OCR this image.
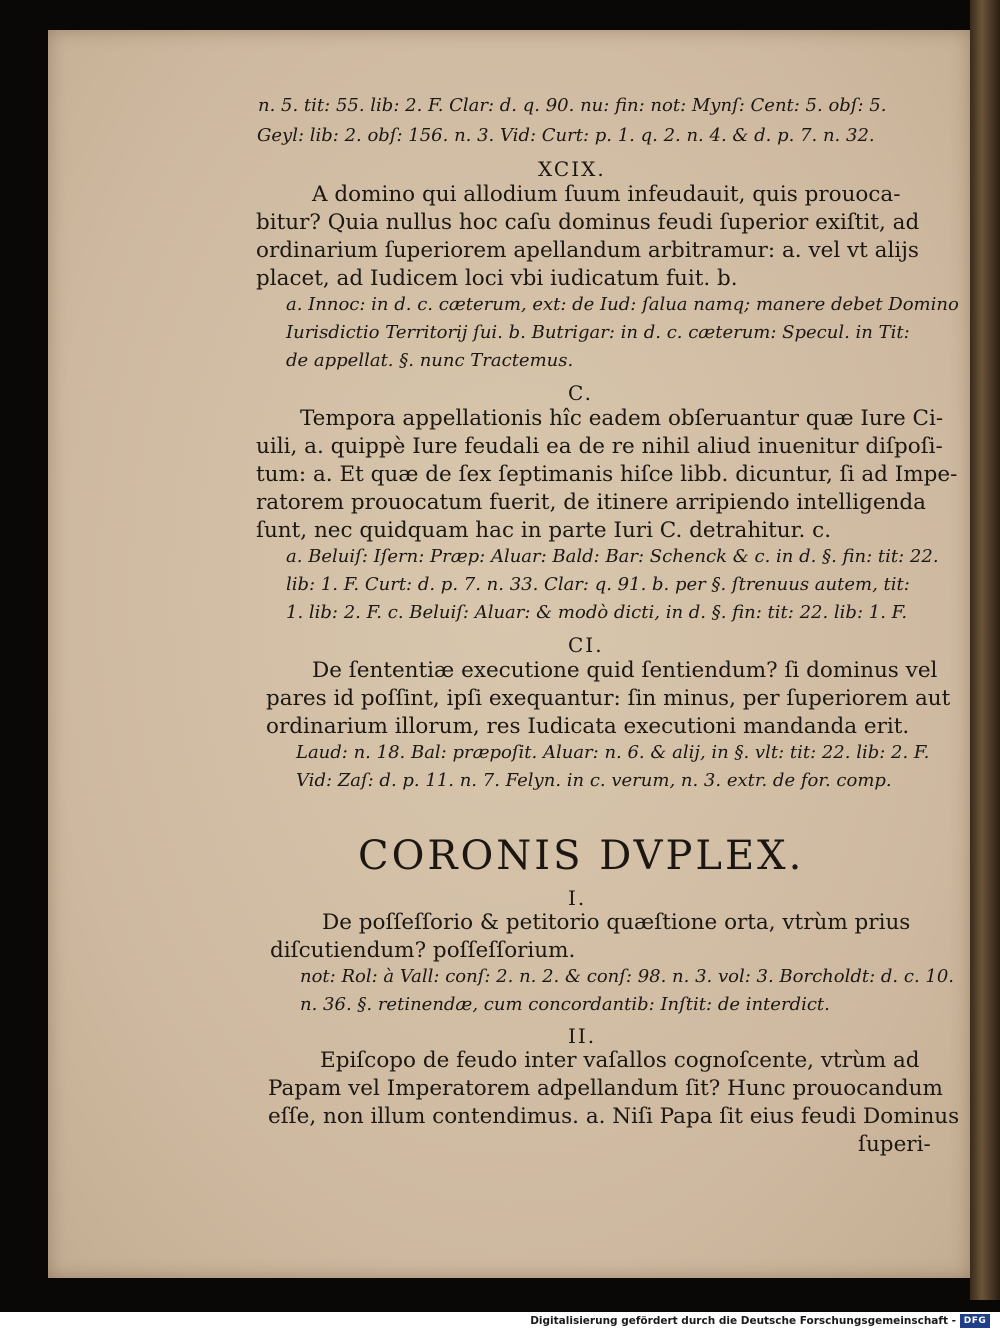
n. 5. tit: 55. lib: 2. F. Clar: d. q. 90. nu: fin: not: Mynſ: Cent: 5. obſ: 5.
Geyl: lib: 2. obſ: 156. n. 3. Vid: Curt: p. 1. q. 2. n. 4. & d. p. 7. n. 32.
XCIX.
A domino qui allodium ſuum infeudauit, quis prouoca-
bitur? Quia nullus hoc caſu dominus feudi ſuperior exiſtit, ad
ordinarium ſuperiorem apellandum arbitramur: a. vel vt alijs
placet, ad Iudicem loci vbi iudicatum fuit. b.
a. Innoc: in d. c. cæterum, ext: de Iud: ſalua namq; manere debet Domino
Iurisdictio Territorij ſui. b. Butrigar: in d. c. cæterum: Specul. in Tit:
de appellat. §. nunc Tractemus.
C.
Tempora appellationis hîc eadem obſeruantur quæ Iure Ci-
uili, a. quippè Iure feudali ea de re nihil aliud inuenitur diſpoſi-
tum: a. Et quæ de ſex ſeptimanis hiſce libb. dicuntur, ſi ad Impe-
ratorem prouocatum fuerit, de itinere arripiendo intelligenda
ſunt, nec quidquam hac in parte Iuri C. detrahitur. c.
a. Beluiſ: Iſern: Præp: Aluar: Bald: Bar: Schenck & c. in d. §. fin: tit: 22.
lib: 1. F. Curt: d. p. 7. n. 33. Clar: q. 91. b. per §. ſtrenuus autem, tit:
1. lib: 2. F. c. Beluiſ: Aluar: & modò dicti, in d. §. fin: tit: 22. lib: 1. F.
CI.
De ſententiæ executione quid ſentiendum? ſi dominus vel
pares id poſſint, ipſi exequantur: ſin minus, per ſuperiorem aut
ordinarium illorum, res Iudicata executioni mandanda erit.
Laud: n. 18. Bal: præpoſit. Aluar: n. 6. & alij, in §. vlt: tit: 22. lib: 2. F.
Vid: Zaſ: d. p. 11. n. 7. Felyn. in c. verum, n. 3. extr. de for. comp.
CORONIS DVPLEX.
I.
De poſſeſſorio & petitorio quæſtione orta, vtrùm prius
diſcutiendum? poſſeſſorium.
not: Rol: à Vall: conſ: 2. n. 2. & conſ: 98. n. 3. vol: 3. Borcholdt: d. c. 10.
n. 36. §. retinendæ, cum concordantib: Inſtit: de interdict.
II.
Epiſcopo de feudo inter vaſallos cognoſcente, vtrùm ad
Papam vel Imperatorem adpellandum ſit? Hunc prouocandum
eſſe, non illum contendimus. a. Niſi Papa ſit eius feudi Dominus
ſuperi-
Digitalisierung gefördert durch die Deutsche Forschungsgemeinschaft - DFG
